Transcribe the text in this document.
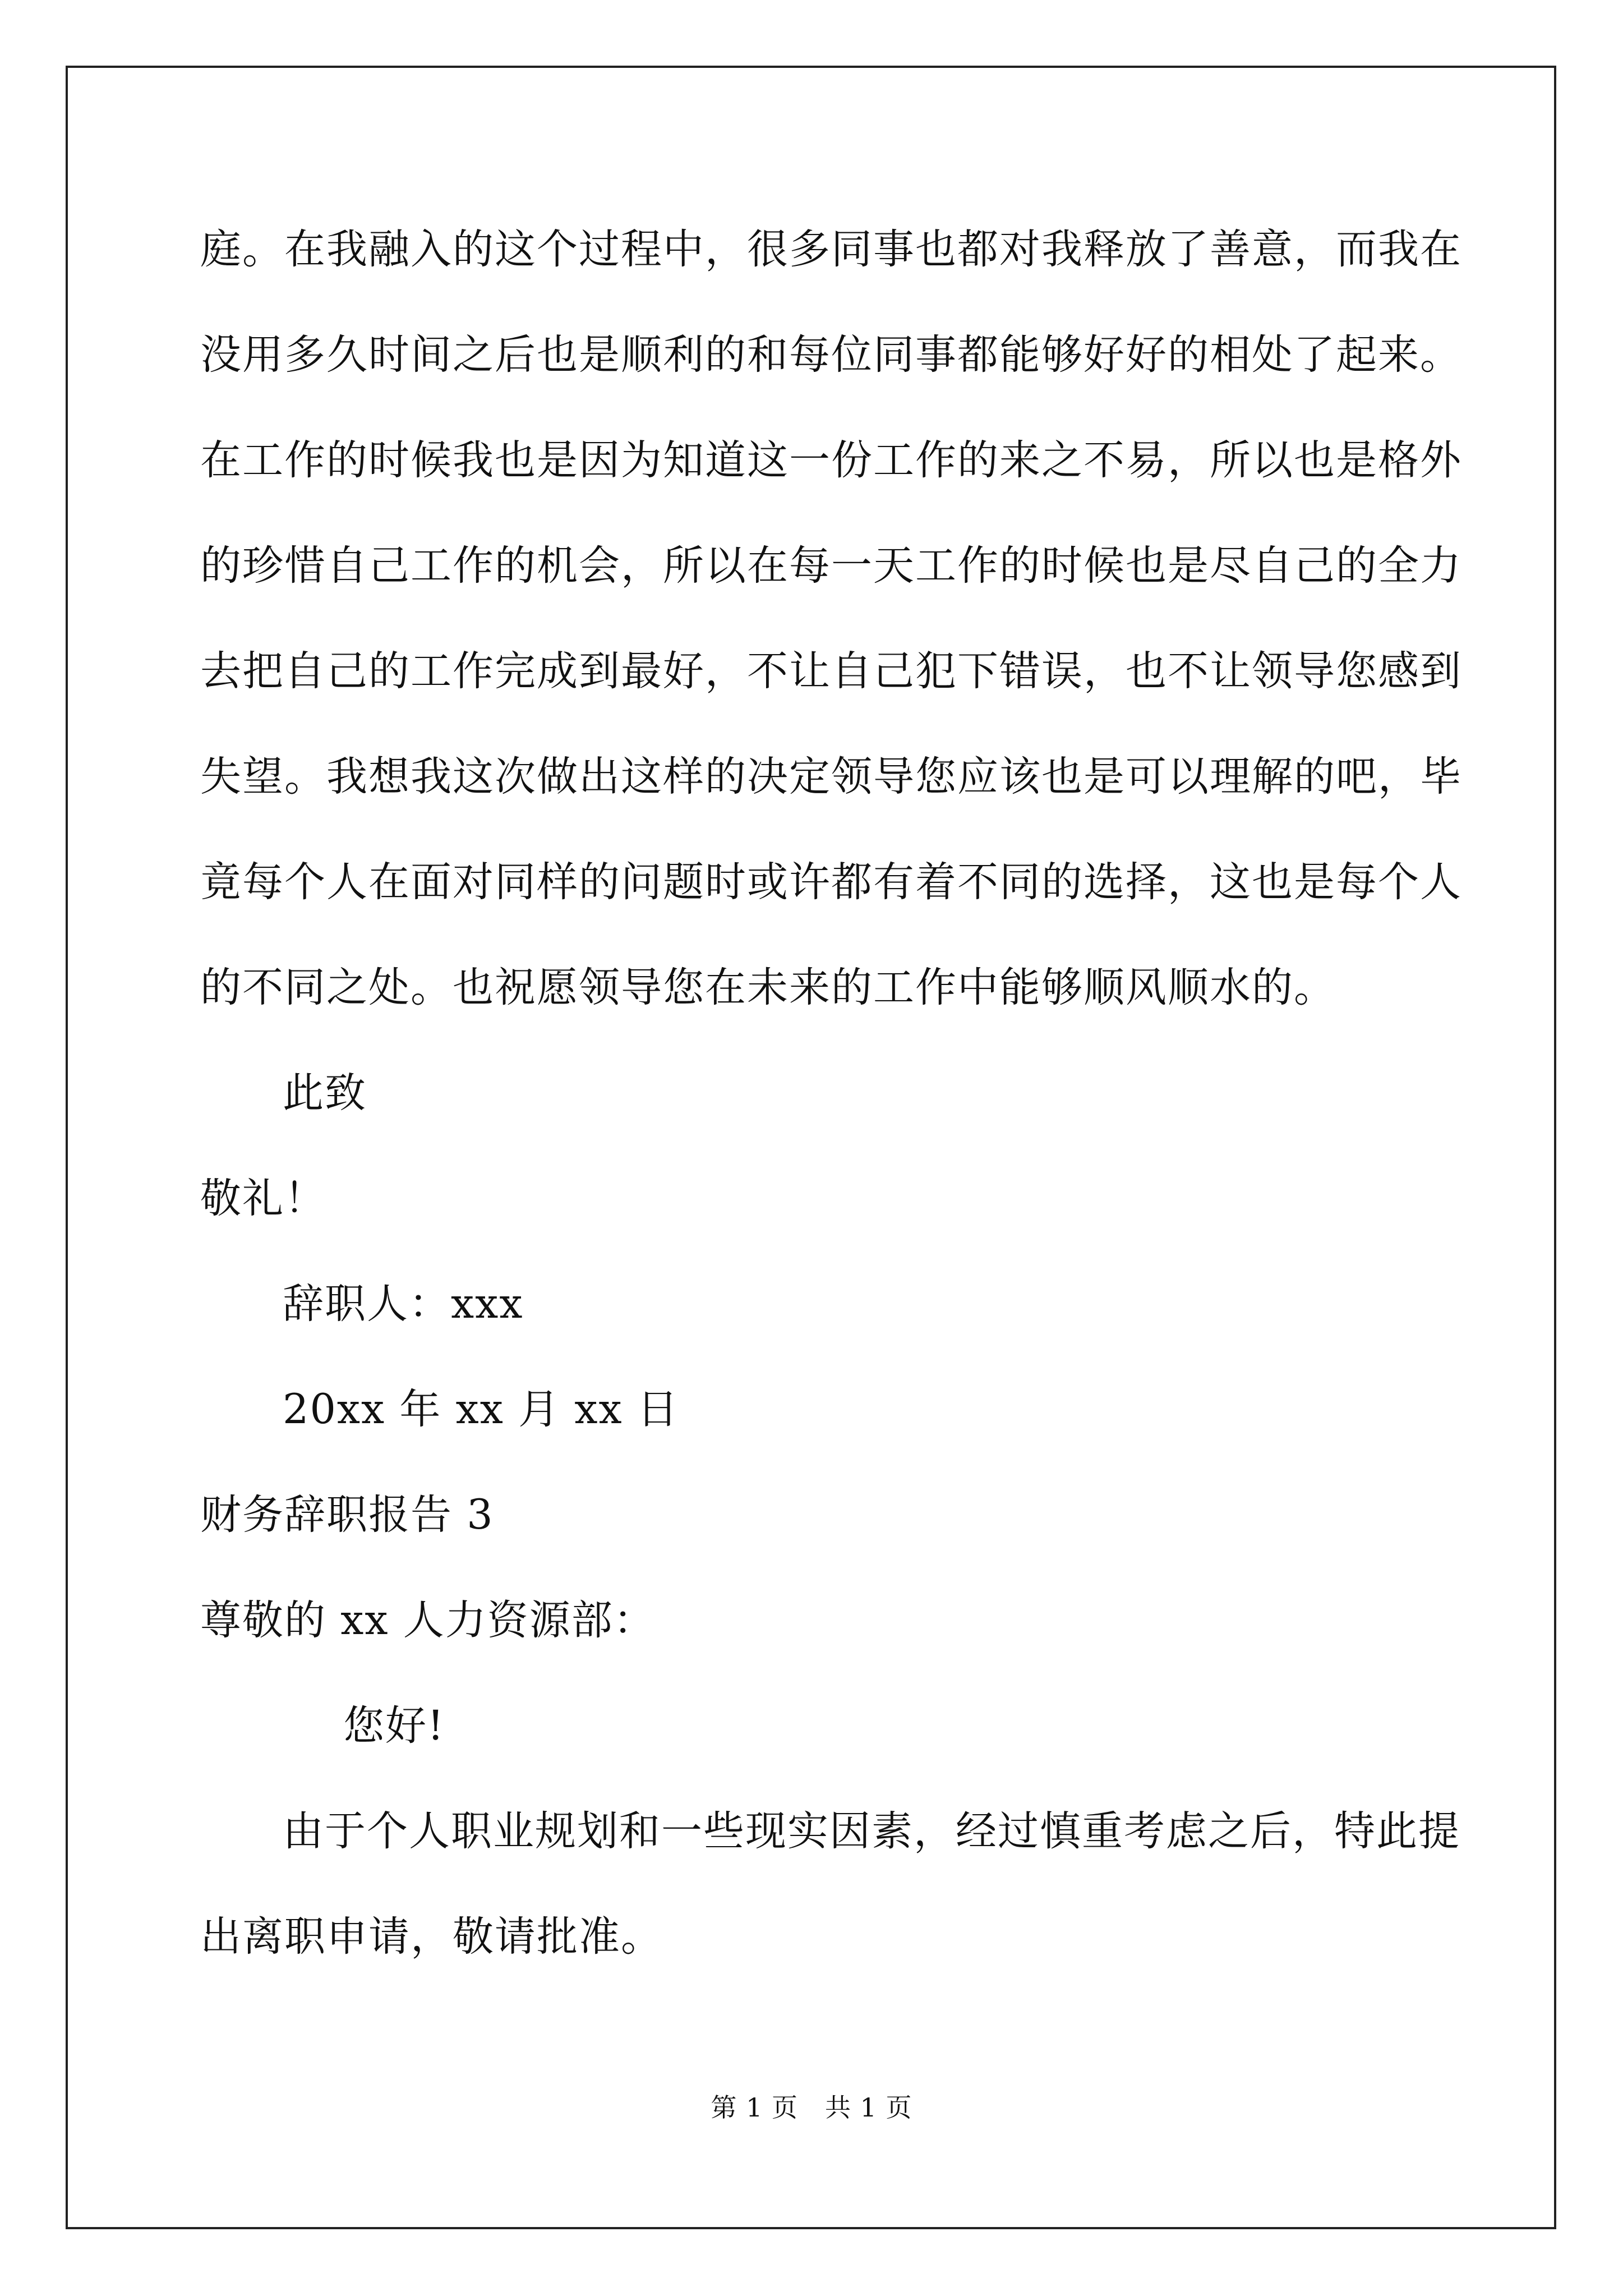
庭。在我融入的这个过程中，很多同事也都对我释放了善意，而我在
没用多久时间之后也是顺利的和每位同事都能够好好的相处了起来。
在工作的时候我也是因为知道这一份工作的来之不易，所以也是格外
的珍惜自己工作的机会，所以在每一天工作的时候也是尽自己的全力
去把自己的工作完成到最好，不让自己犯下错误，也不让领导您感到
失望。我想我这次做出这样的决定领导您应该也是可以理解的吧，毕
竟每个人在面对同样的问题时或许都有着不同的选择，这也是每个人
的不同之处。也祝愿领导您在未来的工作中能够顺风顺水的。
此致
敬礼！
辞职人：xxx
20xx 年 xx 月 xx 日
财务辞职报告 3
尊敬的 xx 人力资源部：
您好!
由于个人职业规划和一些现实因素，经过慎重考虑之后，特此提
出离职申请，敬请批准。
第 1 页 共 1 页
